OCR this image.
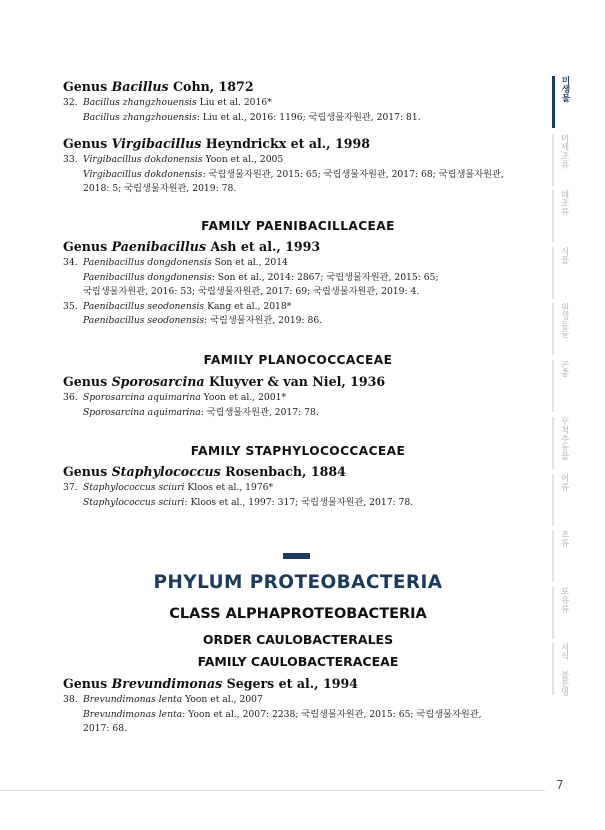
Genus Bacillus Cohn, 1872
32. Bacillus zhangzhouensis Liu et al. 2016*
Bacillus zhangzhouensis: Liu et al., 2016: 1196; 국립생물자원관, 2017: 81.
Genus Virgibacillus Heyndrickx et al., 1998
33. Virgibacillus dokdonensis Yoon et al., 2005
Virgibacillus dokdonensis: 국립생물자원관, 2015: 65; 국립생물자원관, 2017: 68; 국립생물자원관,
2018: 5; 국립생물자원관, 2019: 78.
FAMILY PAENIBACILLACEAE
Genus Paenibacillus Ash et al., 1993
34. Paenibacillus dongdonensis Son et al., 2014
Paenibacillus dongdonensis: Son et al., 2014: 2867; 국립생물자원관, 2015: 65;
국립생물자원관, 2016: 53; 국립생물자원관, 2017: 69; 국립생물자원관, 2019: 4.
35. Paenibacillus seodonensis Kang et al., 2018*
Paenibacillus seodonensis: 국립생물자원관, 2019: 86.
FAMILY PLANOCOCCACEAE
Genus Sporosarcina Kluyver & van Niel, 1936
36. Sporosarcina aquimarina Yoon et al., 2001*
Sporosarcina aquimarina: 국립생물자원관, 2017: 78.
FAMILY STAPHYLOCOCCACEAE
Genus Staphylococcus Rosenbach, 1884
37. Staphylococcus sciuri Kloos et al., 1976*
Staphylococcus sciuri: Kloos et al., 1997: 317; 국립생물자원관, 2017: 78.
PHYLUM PROTEOBACTERIA
CLASS ALPHAPROTEOBACTERIA
ORDER CAULOBACTERALES
FAMILY CAULOBACTERACEAE
Genus Brevundimonas Segers et al., 1994
38. Brevundimonas lenta Yoon et al., 2007
Brevundimonas lenta: Yoon et al., 2007: 2238; 국립생물자원관, 2015: 65; 국립생물자원관,
2017: 68.
미생물
미세조류
해조류
식물
원생동물
곤충
무척추동물
어류
조류
포유류
서식 불분명
7
